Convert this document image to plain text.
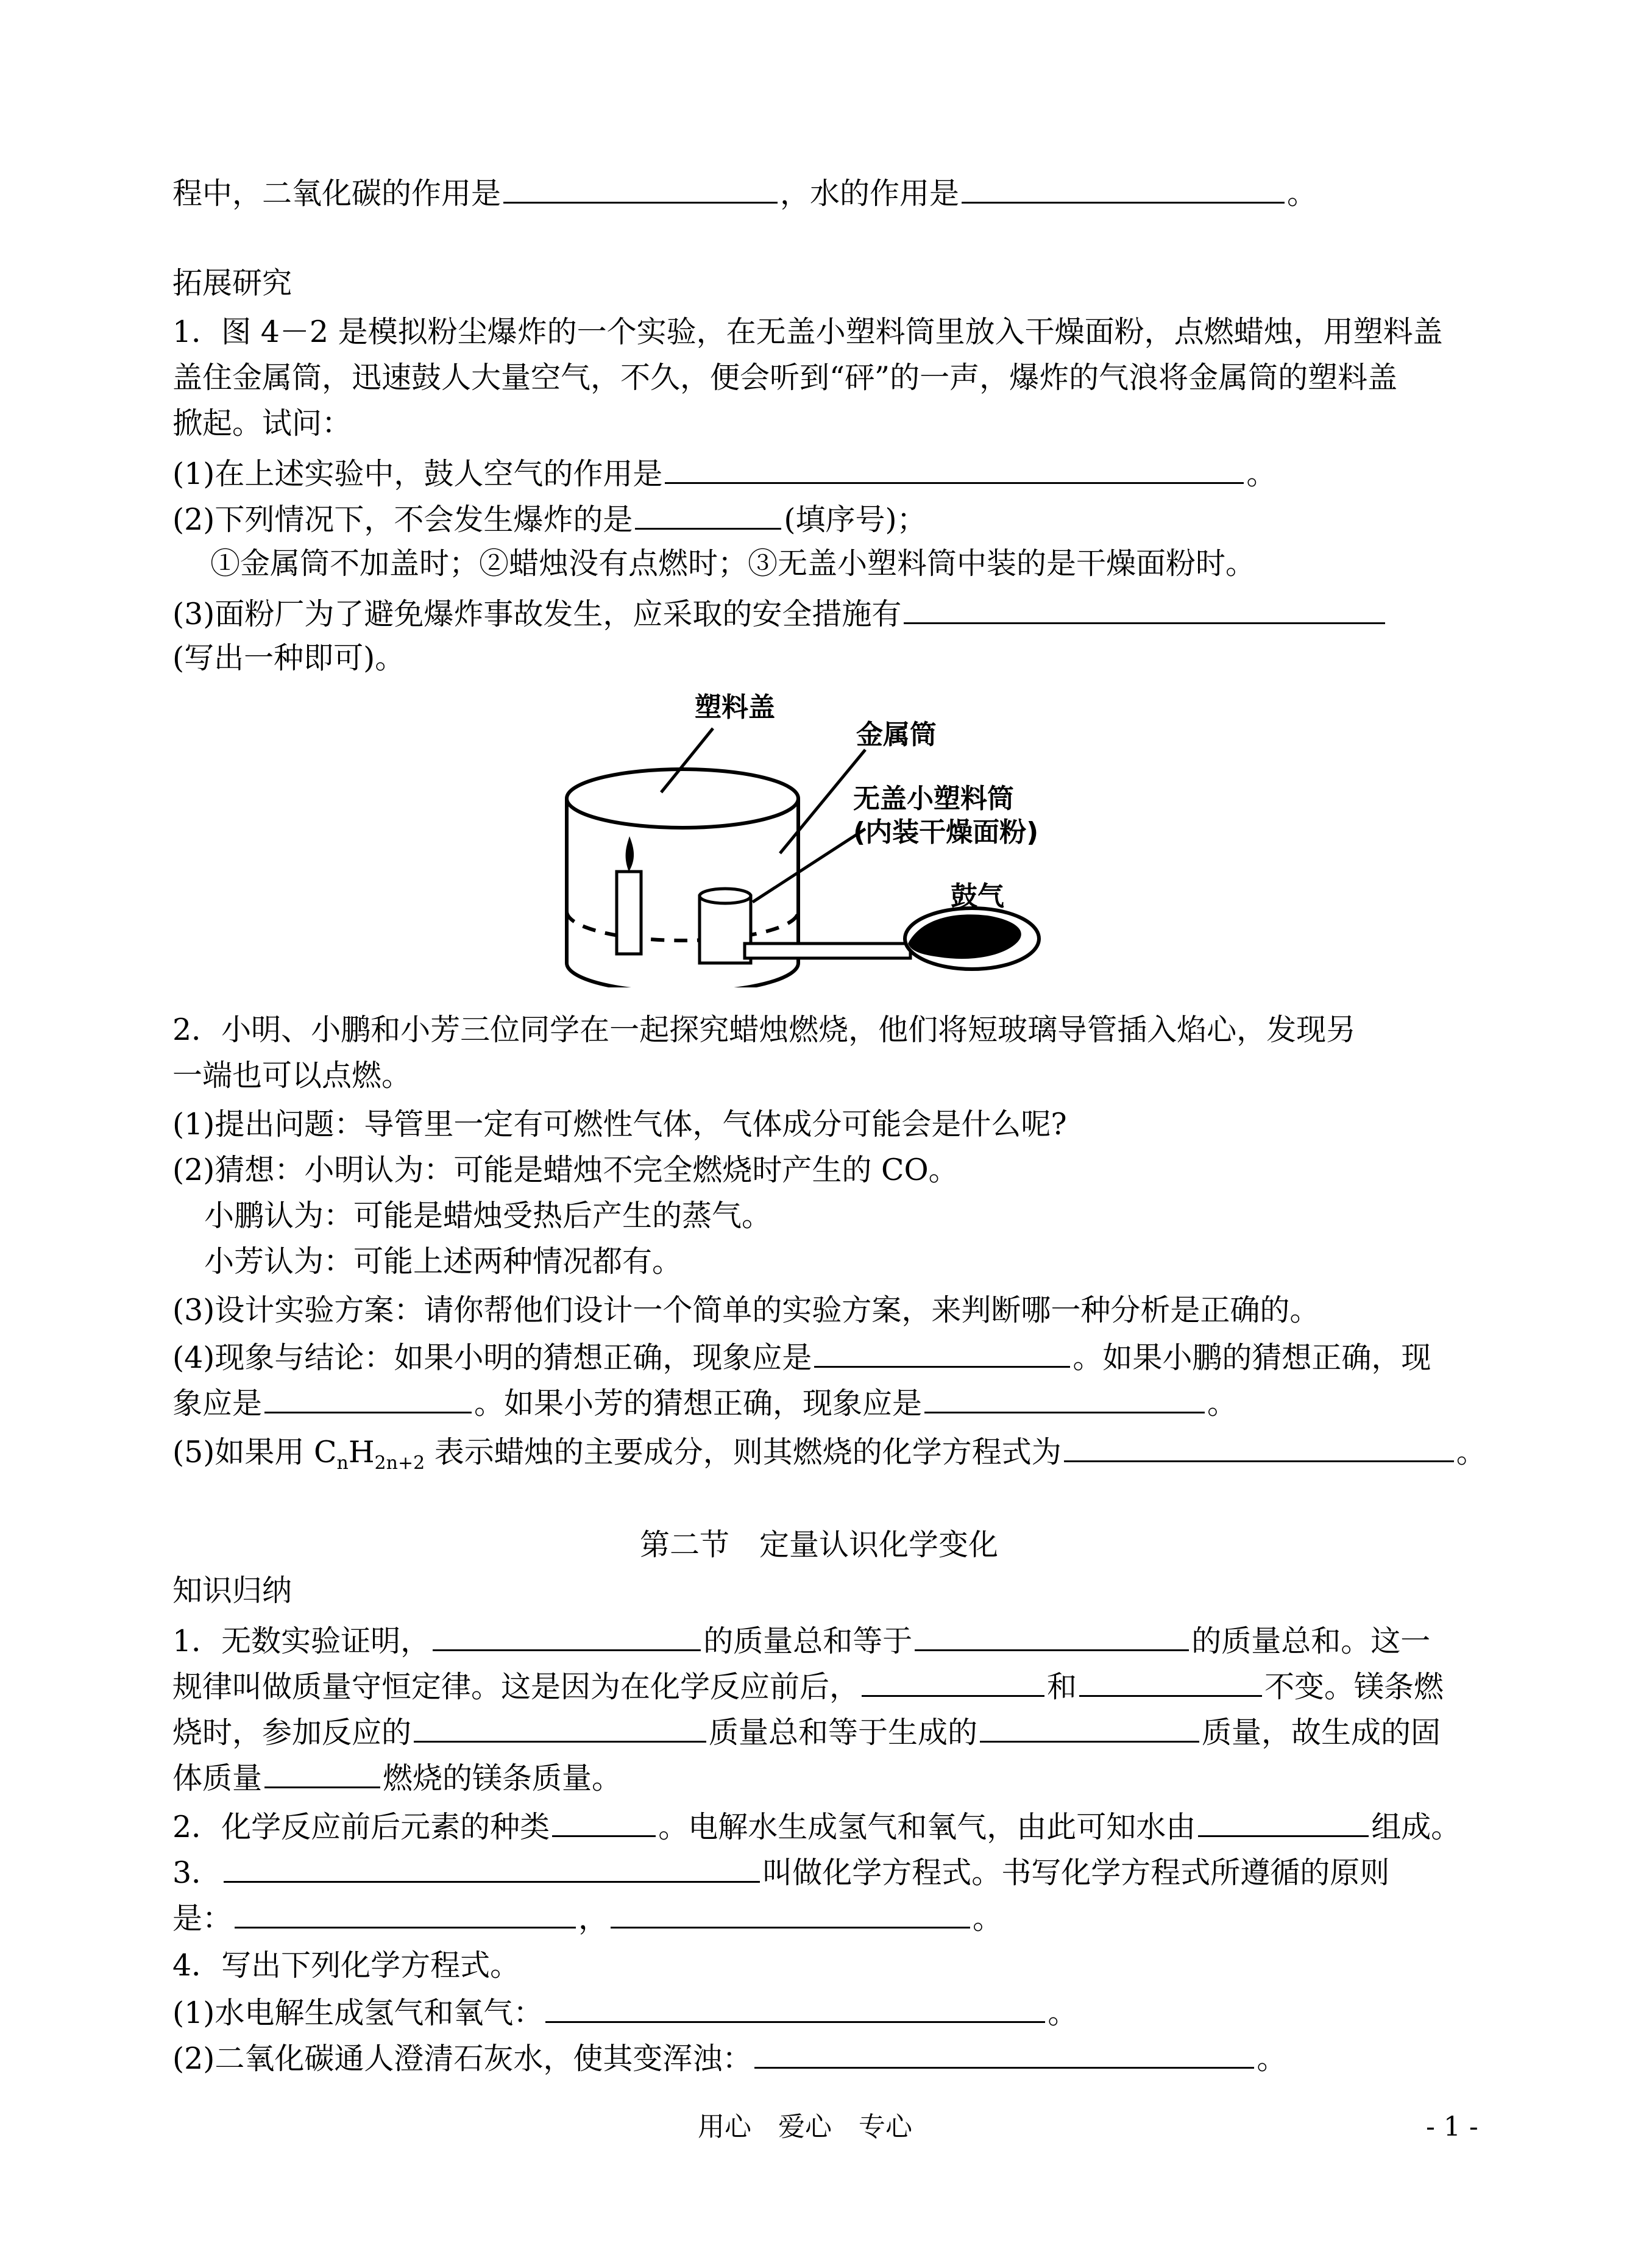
程中，二氧化碳的作用是	，水的作用是	。
拓展研究
1．图 4－2 是模拟粉尘爆炸的一个实验，在无盖小塑料筒里放入干燥面粉，点燃蜡烛，用塑料盖
盖住金属筒，迅速鼓人大量空气，不久，便会听到“砰”的一声，爆炸的气浪将金属筒的塑料盖
掀起。试问：
(1)在上述实验中，鼓人空气的作用是	。
(2)下列情况下，不会发生爆炸的是	(填序号)；
①金属筒不加盖时；②蜡烛没有点燃时；③无盖小塑料筒中装的是干燥面粉时。
(3)面粉厂为了避免爆炸事故发生，应采取的安全措施有
(写出一种即可)。
塑料盖
金属筒
无盖小塑料筒
(内装干燥面粉)
鼓气
2．小明、小鹏和小芳三位同学在一起探究蜡烛燃烧，他们将短玻璃导管插入焰心，发现另
一端也可以点燃。
(1)提出问题：导管里一定有可燃性气体，气体成分可能会是什么呢?
(2)猜想：小明认为：可能是蜡烛不完全燃烧时产生的 CO。
小鹏认为：可能是蜡烛受热后产生的蒸气。
小芳认为：可能上述两种情况都有。
(3)设计实验方案：请你帮他们设计一个简单的实验方案，来判断哪一种分析是正确的。
(4)现象与结论：如果小明的猜想正确，现象应是	。如果小鹏的猜想正确，现
象应是	。如果小芳的猜想正确，现象应是	。
(5)如果用 $C_nH_{2n+2}$ 表示蜡烛的主要成分，则其燃烧的化学方程式为	。
第二节　定量认识化学变化
知识归纳
1．无数实验证明，	的质量总和等于	的质量总和。这一
规律叫做质量守恒定律。这是因为在化学反应前后，	和	不变。镁条燃
烧时，参加反应的	质量总和等于生成的	质量，故生成的固
体质量	燃烧的镁条质量。
2．化学反应前后元素的种类	。电解水生成氢气和氧气，由此可知水由	组成。
3．	叫做化学方程式。书写化学方程式所遵循的原则
是：	，	。
4．写出下列化学方程式。
(1)水电解生成氢气和氧气：	。
(2)二氧化碳通人澄清石灰水，使其变浑浊：	。
用心　爱心　专心	- 1 -
